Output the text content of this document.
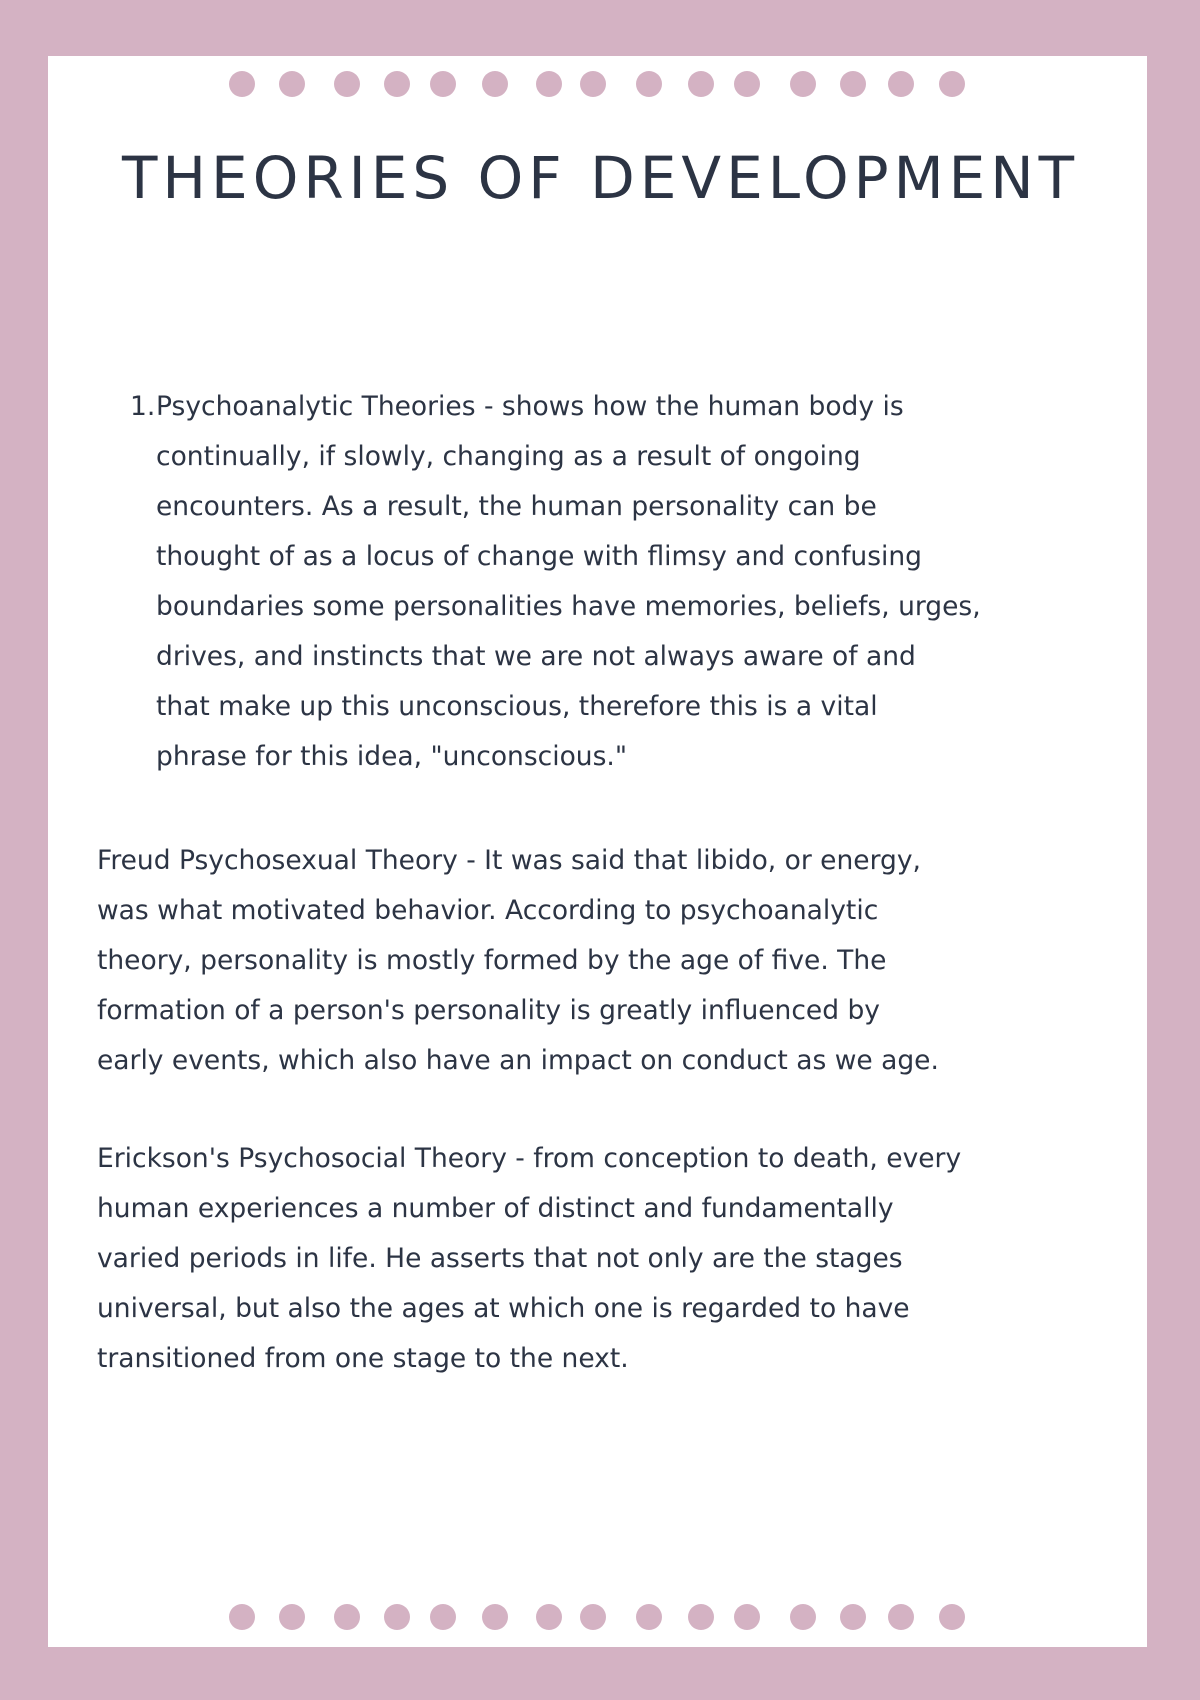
THEORIES OF DEVELOPMENT
1. Psychoanalytic Theories - shows how the human body is
continually, if slowly, changing as a result of ongoing
encounters. As a result, the human personality can be
thought of as a locus of change with flimsy and confusing
boundaries some personalities have memories, beliefs, urges,
drives, and instincts that we are not always aware of and
that make up this unconscious, therefore this is a vital
phrase for this idea, "unconscious."
Freud Psychosexual Theory - It was said that libido, or energy,
was what motivated behavior. According to psychoanalytic
theory, personality is mostly formed by the age of five. The
formation of a person's personality is greatly influenced by
early events, which also have an impact on conduct as we age.
Erickson's Psychosocial Theory - from conception to death, every
human experiences a number of distinct and fundamentally
varied periods in life. He asserts that not only are the stages
universal, but also the ages at which one is regarded to have
transitioned from one stage to the next.
